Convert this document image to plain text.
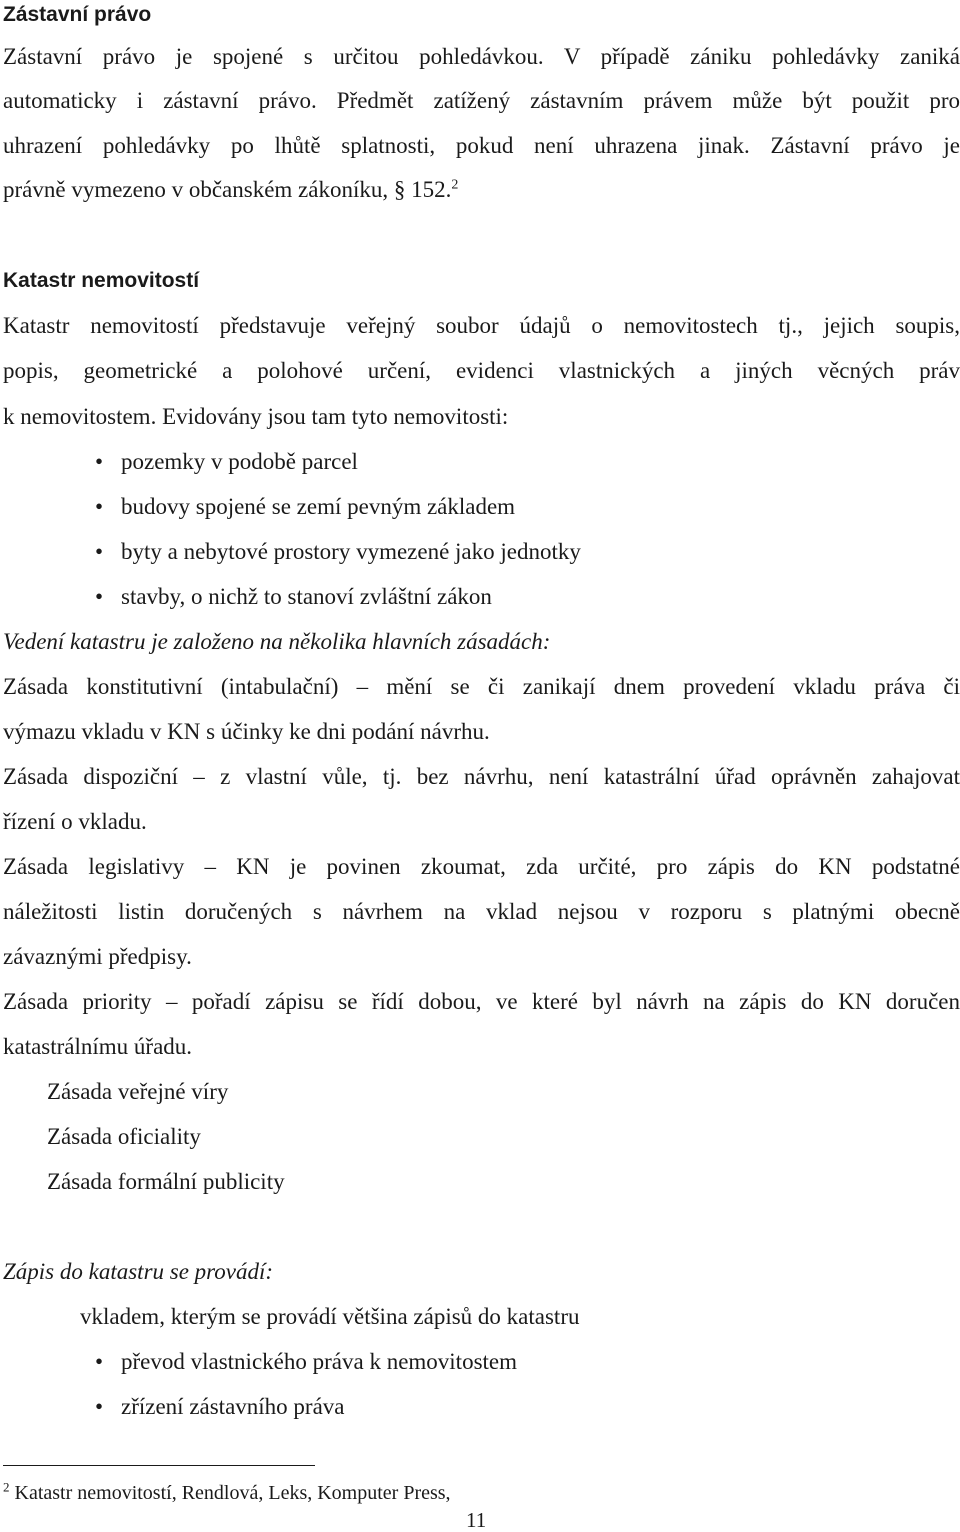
Zástavní právo
Zástavní právo je spojené s určitou pohledávkou. V případě zániku pohledávky zaniká
automaticky i zástavní právo. Předmět zatížený zástavním právem může být použit pro
uhrazení pohledávky po lhůtě splatnosti, pokud není uhrazena jinak. Zástavní právo je
právně vymezeno v občanském zákoníku, § 152.$^2$
Katastr nemovitostí
Katastr nemovitostí představuje veřejný soubor údajů o nemovitostech tj., jejich soupis,
popis, geometrické a polohové určení, evidenci vlastnických a jiných věcných práv
k nemovitostem. Evidovány jsou tam tyto nemovitosti:
• pozemky v podobě parcel
• budovy spojené se zemí pevným základem
• byty a nebytové prostory vymezené jako jednotky
• stavby, o nichž to stanoví zvláštní zákon
Vedení katastru je založeno na několika hlavních zásadách:
Zásada konstitutivní (intabulační) – mění se či zanikají dnem provedení vkladu práva či
výmazu vkladu v KN s účinky ke dni podání návrhu.
Zásada dispoziční – z vlastní vůle, tj. bez návrhu, není katastrální úřad oprávněn zahajovat
řízení o vkladu.
Zásada legislativy – KN je povinen zkoumat, zda určité, pro zápis do KN podstatné
náležitosti listin doručených s návrhem na vklad nejsou v rozporu s platnými obecně
závaznými předpisy.
Zásada priority – pořadí zápisu se řídí dobou, ve které byl návrh na zápis do KN doručen
katastrálnímu úřadu.
Zásada veřejné víry
Zásada oficiality
Zásada formální publicity
Zápis do katastru se provádí:
vkladem, kterým se provádí většina zápisů do katastru
• převod vlastnického práva k nemovitostem
• zřízení zástavního práva
$^2$ Katastr nemovitostí, Rendlová, Leks, Komputer Press,
11
